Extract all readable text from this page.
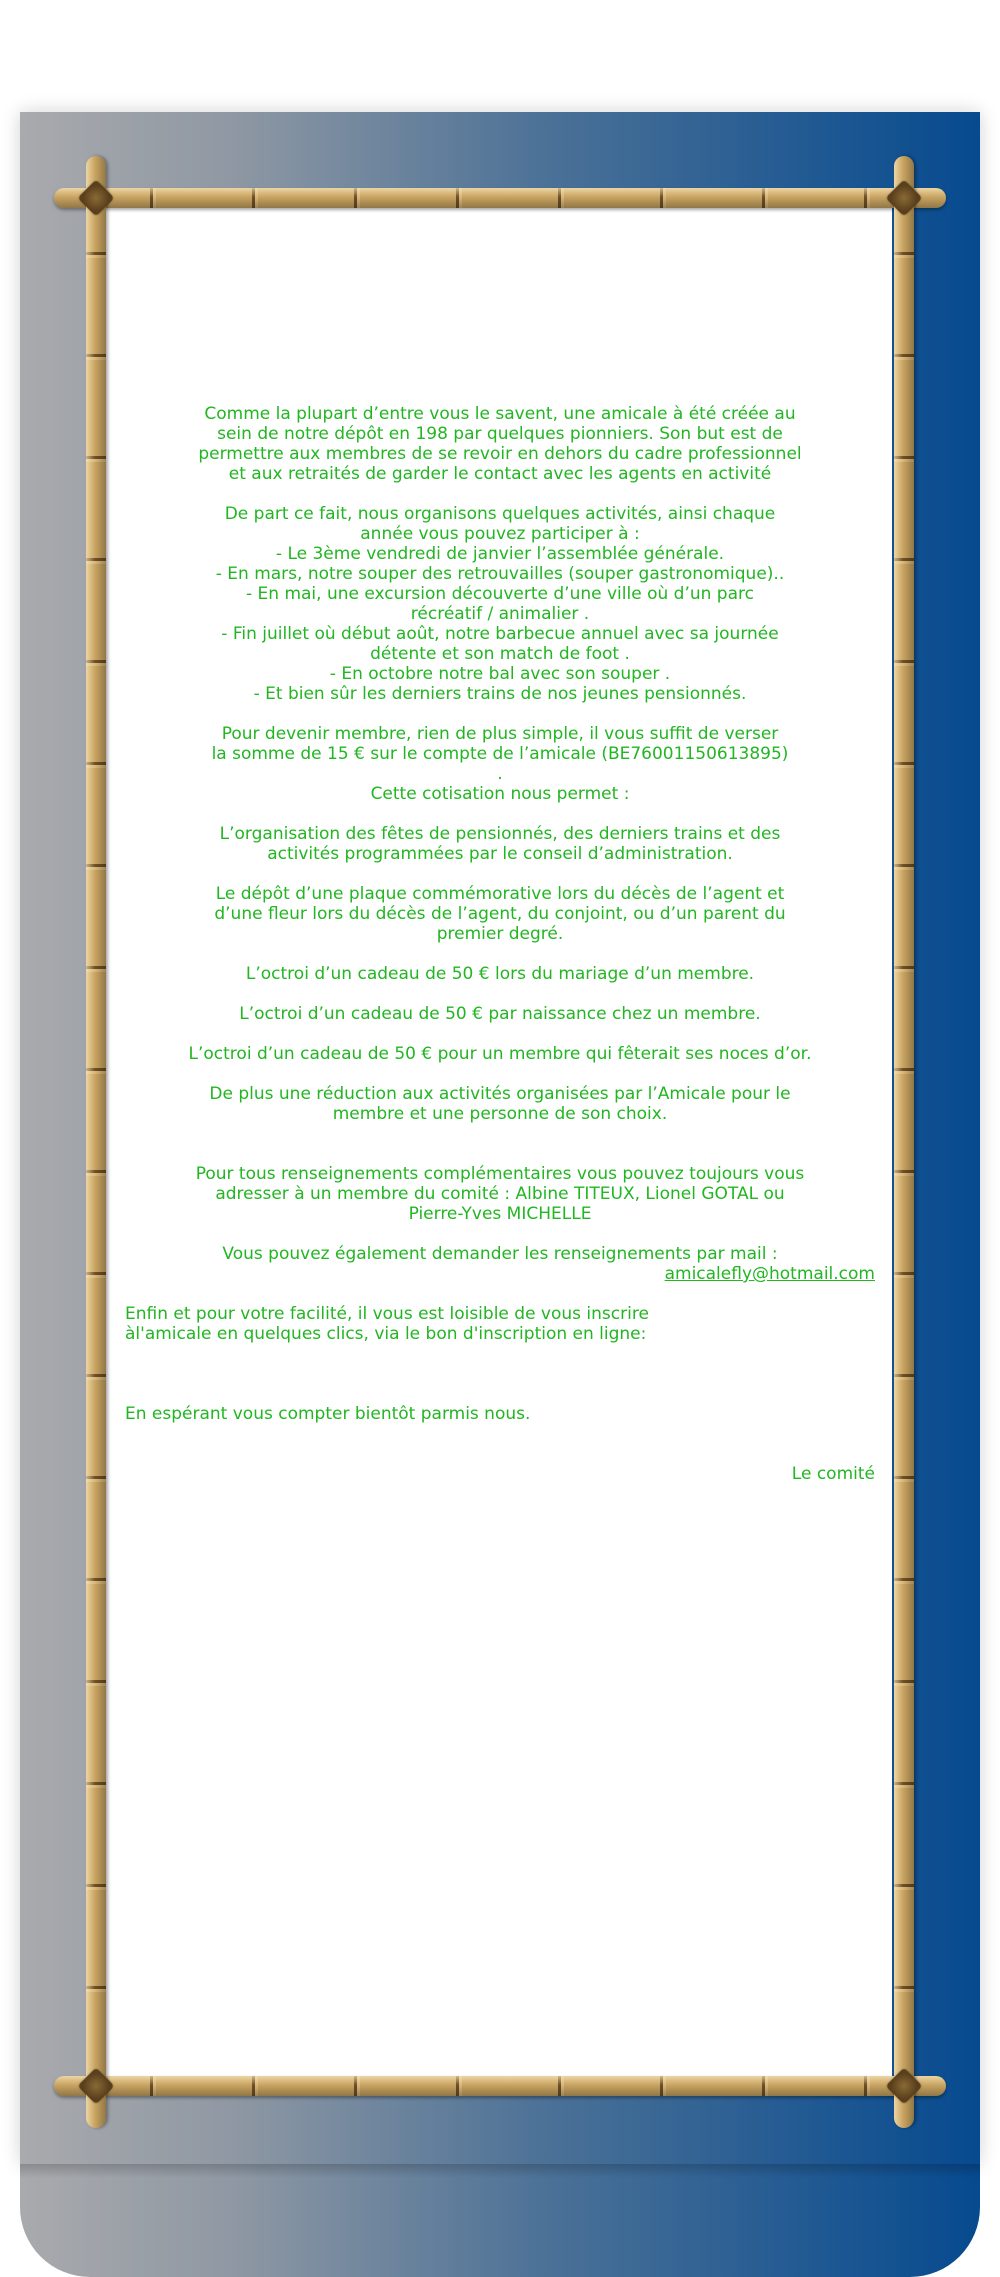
Comme la plupart d’entre vous le savent, une amicale à été créée au

sein de notre dépôt en 198 par quelques pionniers. Son but est de

permettre aux membres de se revoir en dehors du cadre professionnel

et aux retraités de garder le contact avec les agents en activité

De part ce fait, nous organisons quelques activités, ainsi chaque

année vous pouvez participer à :

- Le 3ème vendredi de janvier l’assemblée générale.

- En mars, notre souper des retrouvailles (souper gastronomique)..

- En mai, une excursion découverte d’une ville où d’un parc

récréatif / animalier .

- Fin juillet où début août, notre barbecue annuel avec sa journée

détente et son match de foot .

- En octobre notre bal avec son souper .

- Et bien sûr les derniers trains de nos jeunes pensionnés.

Pour devenir membre, rien de plus simple, il vous suffit de verser

la somme de 15 € sur le compte de l’amicale (BE76001150613895)

.

Cette cotisation nous permet :

L’organisation des fêtes de pensionnés, des derniers trains et des

activités programmées par le conseil d’administration.

Le dépôt d’une plaque commémorative lors du décès de l’agent et

d’une fleur lors du décès de l’agent, du conjoint, ou d’un parent du

premier degré.

L’octroi d’un cadeau de 50 € lors du mariage d’un membre.

L’octroi d’un cadeau de 50 € par naissance chez un membre.

L’octroi d’un cadeau de 50 € pour un membre qui fêterait ses noces d’or.

De plus une réduction aux activités organisées par l’Amicale pour le

membre et une personne de son choix.

Pour tous renseignements complémentaires vous pouvez toujours vous

adresser à un membre du comité : Albine TITEUX, Lionel GOTAL ou

Pierre-Yves MICHELLE

Vous pouvez également demander les renseignements par mail :

amicalefly@hotmail.com

Enfin et pour votre facilité, il vous est loisible de vous inscrire

àl'amicale en quelques clics, via le bon d'inscription en ligne:

En espérant vous compter bientôt parmis nous.

Le comité
